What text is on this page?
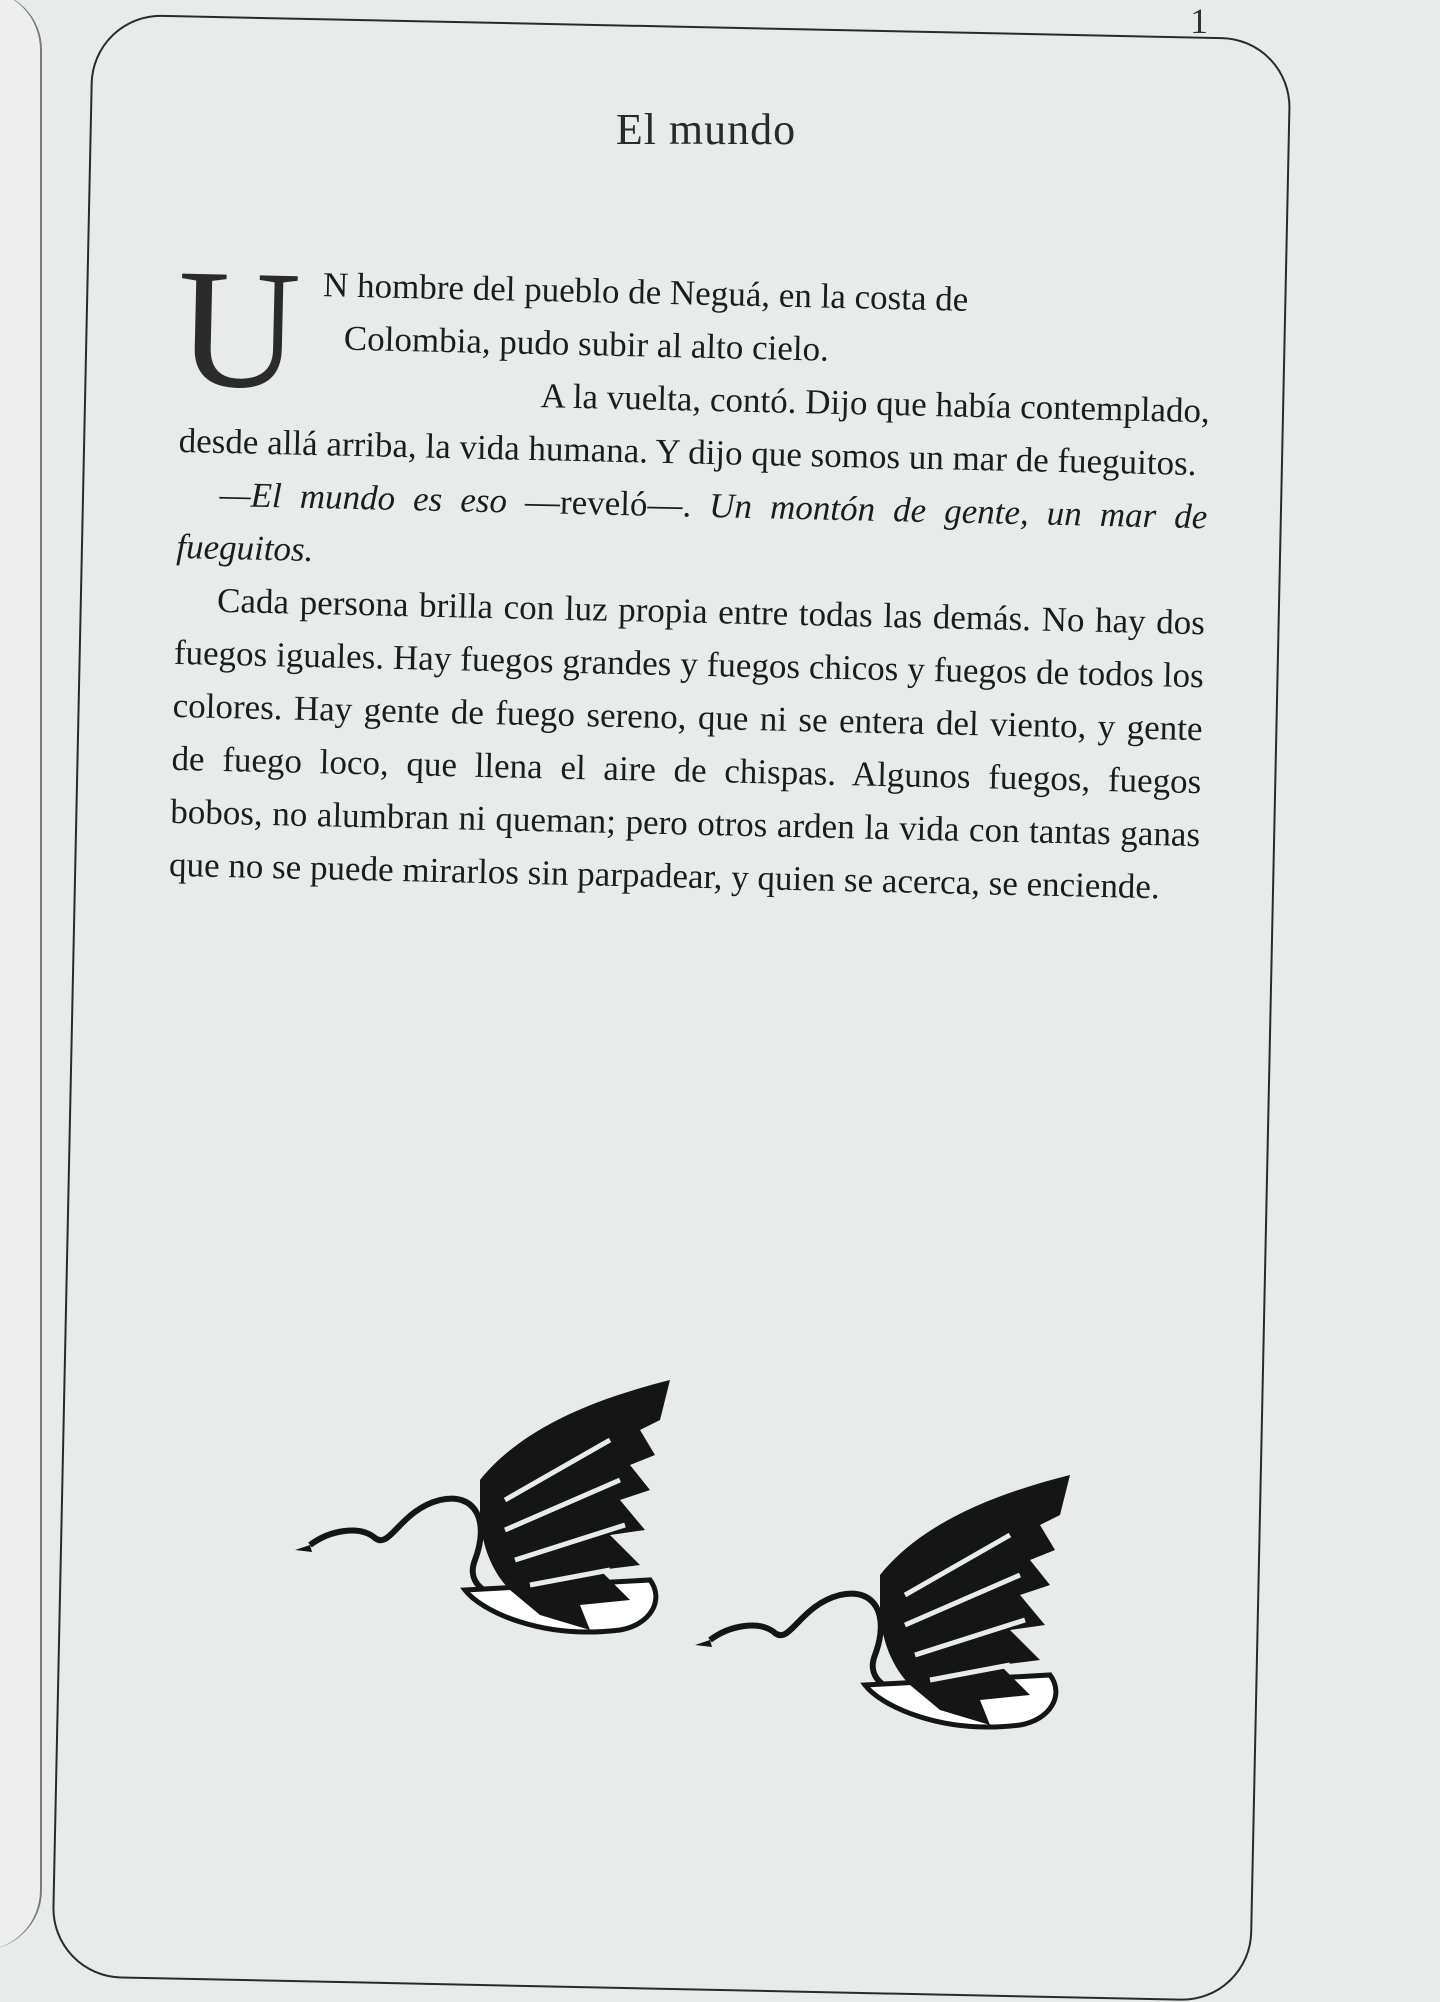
1
El mundo

U N hombre del pueblo de Neguá, en la costa de
Colombia, pudo subir al alto cielo.

A la vuelta, contó. Dijo que había contemplado, desde allá arriba, la vida humana. Y dijo que somos un mar de fueguitos.

—El mundo es eso —reveló—. Un montón de gente, un mar de fueguitos.

Cada persona brilla con luz propia entre todas las demás. No hay dos fuegos iguales. Hay fuegos grandes y fuegos chicos y fuegos de todos los colores. Hay gente de fuego sereno, que ni se entera del viento, y gente de fuego loco, que llena el aire de chispas. Algunos fuegos, fuegos bobos, no alumbran ni queman; pero otros arden la vida con tantas ganas que no se puede mirarlos sin parpadear, y quien se acerca, se enciende.
